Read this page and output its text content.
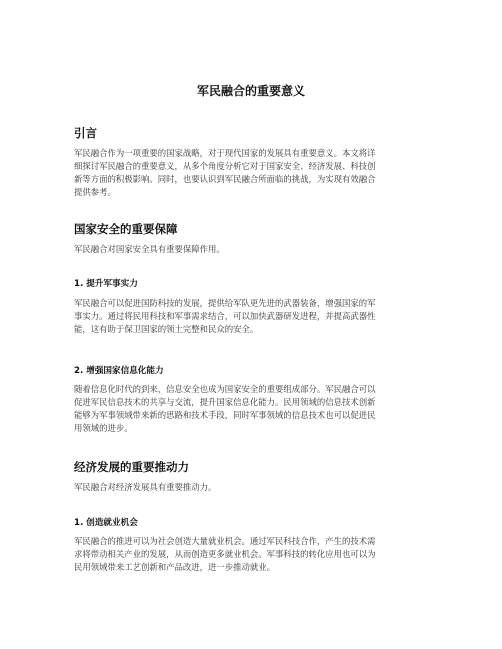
军民融合的重要意义
引言
军民融合作为一项重要的国家战略，对于现代国家的发展具有重要意义。本文将详
细探讨军民融合的重要意义，从多个角度分析它对于国家安全、经济发展、科技创
新等方面的积极影响。同时，也要认识到军民融合所面临的挑战，为实现有效融合
提供参考。
国家安全的重要保障
军民融合对国家安全具有重要保障作用。
1. 提升军事实力
军民融合可以促进国防科技的发展，提供给军队更先进的武器装备，增强国家的军
事实力。通过将民用科技和军事需求结合，可以加快武器研发进程，并提高武器性
能，这有助于保卫国家的领土完整和民众的安全。
2. 增强国家信息化能力
随着信息化时代的到来，信息安全也成为国家安全的重要组成部分。军民融合可以
促进军民信息技术的共享与交流，提升国家信息化能力。民用领域的信息技术创新
能够为军事领域带来新的思路和技术手段，同时军事领域的信息技术也可以促进民
用领域的进步。
经济发展的重要推动力
军民融合对经济发展具有重要推动力。
1. 创造就业机会
军民融合的推进可以为社会创造大量就业机会。通过军民科技合作，产生的技术需
求将带动相关产业的发展，从而创造更多就业机会。军事科技的转化应用也可以为
民用领域带来工艺创新和产品改进，进一步推动就业。
